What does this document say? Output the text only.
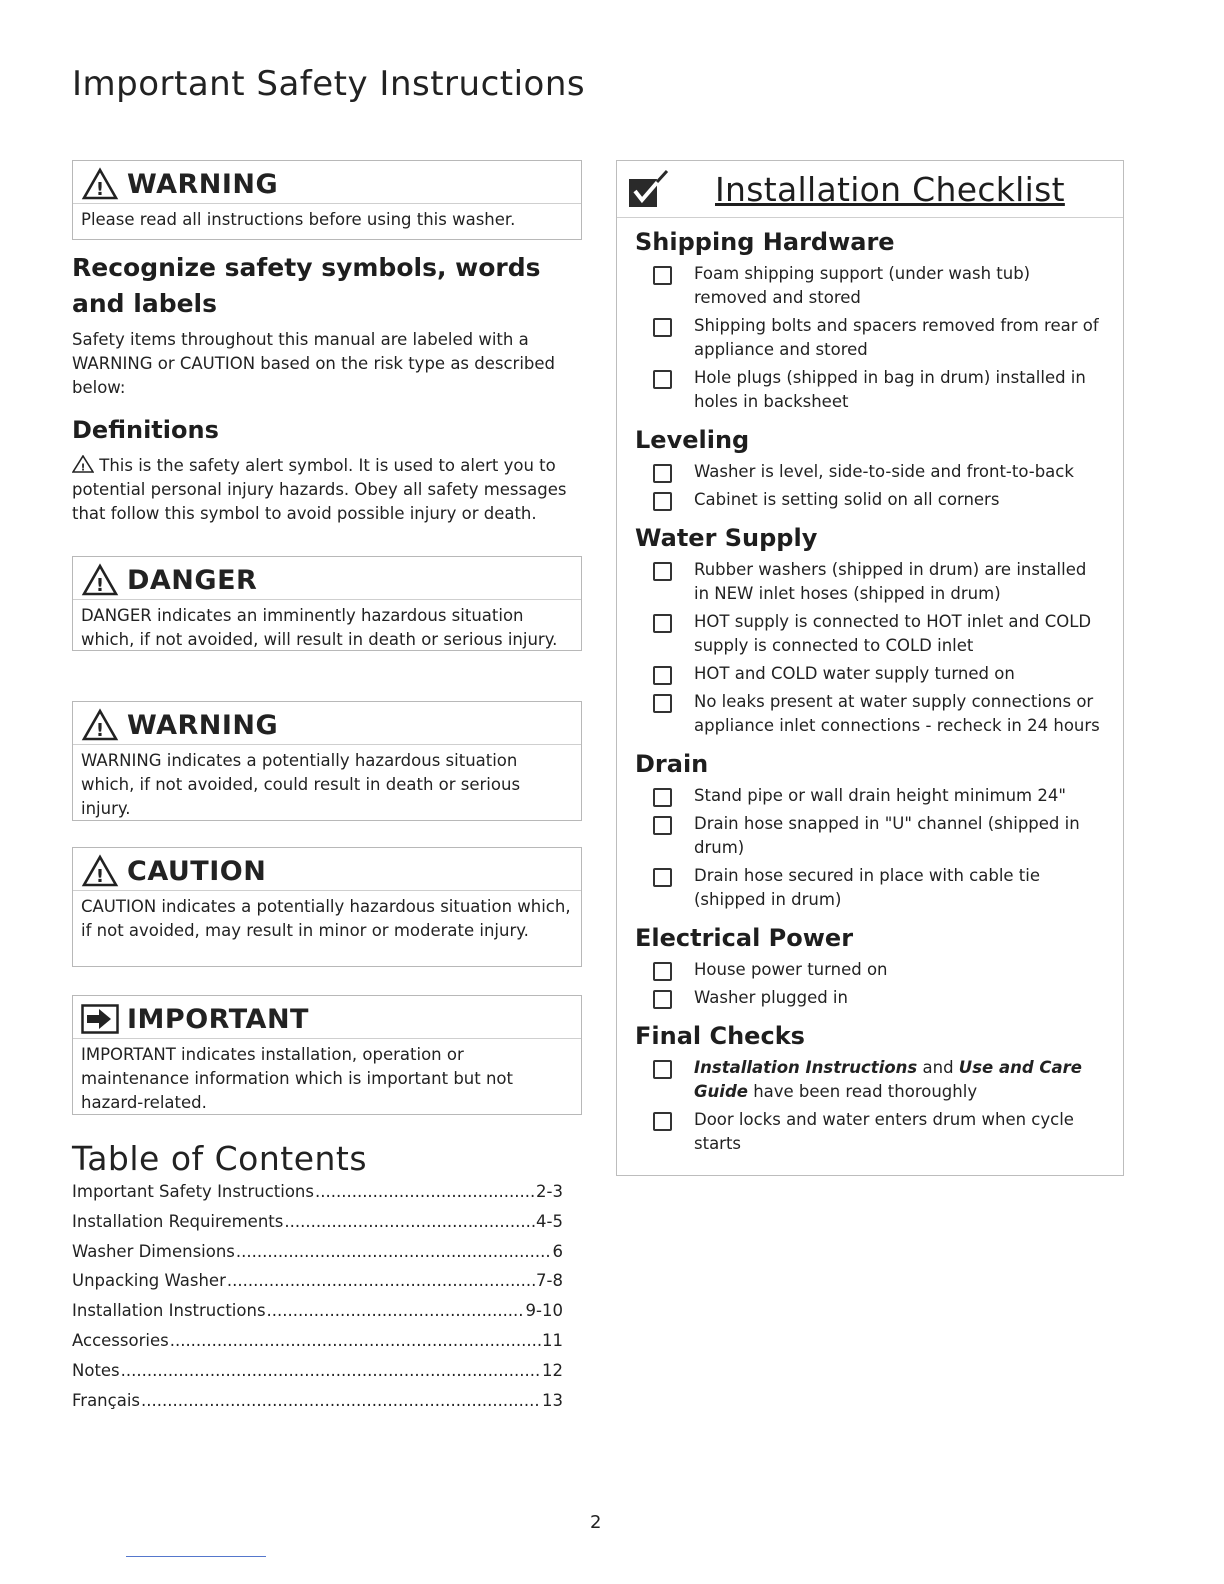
Important Safety Instructions
! WARNING
Please read all instructions before using this washer.
Recognize safety symbols, words and labels

Safety items throughout this manual are labeled with a WARNING or CAUTION based on the risk type as described below:

Definitions

! This is the safety alert symbol. It is used to alert you to potential personal injury hazards. Obey all safety messages that follow this symbol to avoid possible injury or death.

! DANGER
DANGER indicates an imminently hazardous situation which, if not avoided, will result in death or serious injury.
! WARNING
WARNING indicates a potentially hazardous situation which, if not avoided, could result in death or serious injury.
! CAUTION
CAUTION indicates a potentially hazardous situation which, if not avoided, may result in minor or moderate injury.
IMPORTANT
IMPORTANT indicates installation, operation or maintenance information which is important but not hazard-related.
Table of Contents
Important Safety Instructions .....	2-3
Installation Requirements .....	4-5
Washer Dimensions .....	6
Unpacking Washer .....	7-8
Installation Instructions .....	9-10
Accessories .....	11
Notes .....	12
Français .....	13
Installation Checklist
Shipping Hardware
Foam shipping support (under wash tub) removed and stored
Shipping bolts and spacers removed from rear of appliance and stored
Hole plugs (shipped in bag in drum) installed in holes in backsheet
Leveling
Washer is level, side-to-side and front-to-back
Cabinet is setting solid on all corners
Water Supply
Rubber washers (shipped in drum) are installed in NEW inlet hoses (shipped in drum)
HOT supply is connected to HOT inlet and COLD supply is connected to COLD inlet
HOT and COLD water supply turned on
No leaks present at water supply connections or appliance inlet connections - recheck in 24 hours
Drain
Stand pipe or wall drain height minimum 24"
Drain hose snapped in "U" channel (shipped in drum)
Drain hose secured in place with cable tie (shipped in drum)
Electrical Power
House power turned on
Washer plugged in
Final Checks
Installation Instructions and Use and Care Guide have been read thoroughly
Door locks and water enters drum when cycle starts
2
